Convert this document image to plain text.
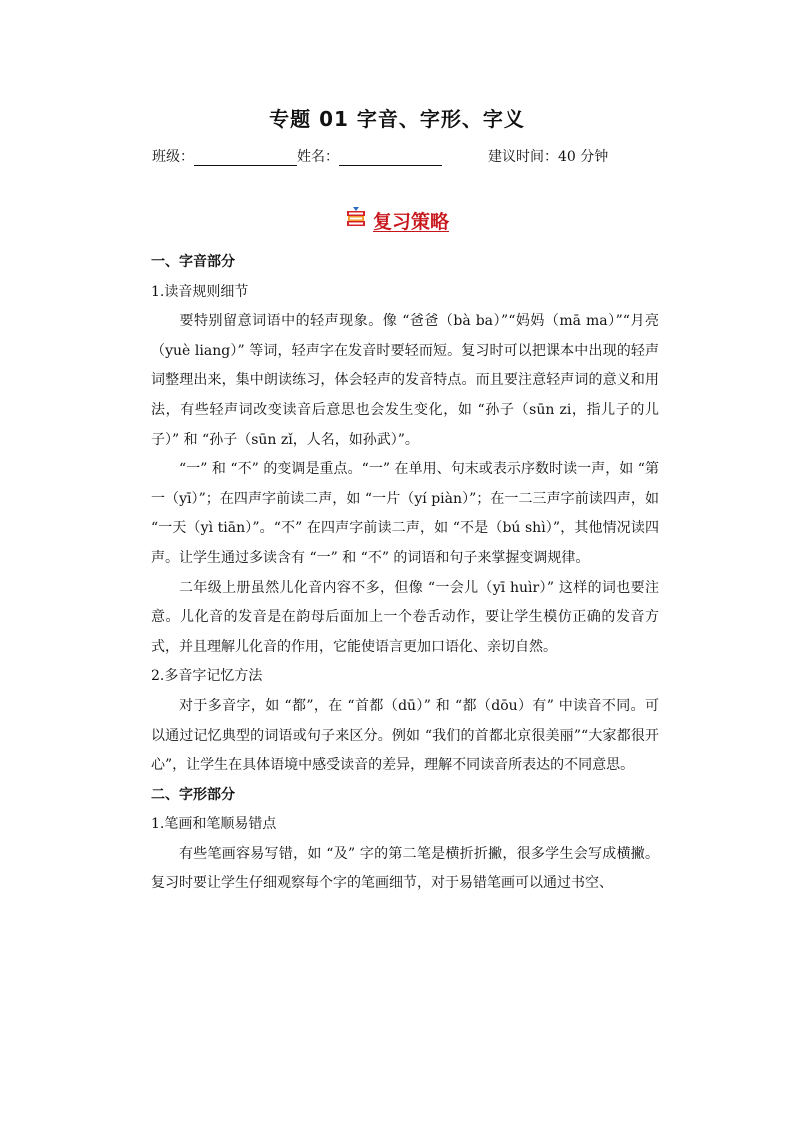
专题 01 字音、字形、字义
班级：	姓名：	建议时间：40 分钟
复习策略

一、字音部分

1.读音规则细节

要特别留意词语中的轻声现象。像 “爸爸（bà ba）”“妈妈（mā ma）”“月亮（yuè liang）” 等词，轻声字在发音时要轻而短。复习时可以把课本中出现的轻声词整理出来，集中朗读练习，体会轻声的发音特点。而且要注意轻声词的意义和用法，有些轻声词改变读音后意思也会发生变化，如 “孙子（sūn zi，指儿子的儿子）” 和 “孙子（sūn zǐ，人名，如孙武）”。

“一” 和 “不” 的变调是重点。“一” 在单用、句末或表示序数时读一声，如 “第一（yī）”；在四声字前读二声，如 “一片（yí piàn）”；在一二三声字前读四声，如 “一天（yì tiān）”。“不” 在四声字前读二声，如 “不是（bú shì）”，其他情况读四声。让学生通过多读含有 “一” 和 “不” 的词语和句子来掌握变调规律。

二年级上册虽然儿化音内容不多，但像 “一会儿（yī huìr）” 这样的词也要注意。儿化音的发音是在韵母后面加上一个卷舌动作，要让学生模仿正确的发音方式，并且理解儿化音的作用，它能使语言更加口语化、亲切自然。

2.多音字记忆方法

对于多音字，如 “都”，在 “首都（dū）” 和 “都（dōu）有” 中读音不同。可以通过记忆典型的词语或句子来区分。例如 “我们的首都北京很美丽”“大家都很开心”，让学生在具体语境中感受读音的差异，理解不同读音所表达的不同意思。

二、字形部分

1.笔画和笔顺易错点

有些笔画容易写错，如 “及” 字的第二笔是横折折撇，很多学生会写成横撇。复习时要让学生仔细观察每个字的笔画细节，对于易错笔画可以通过书空、
